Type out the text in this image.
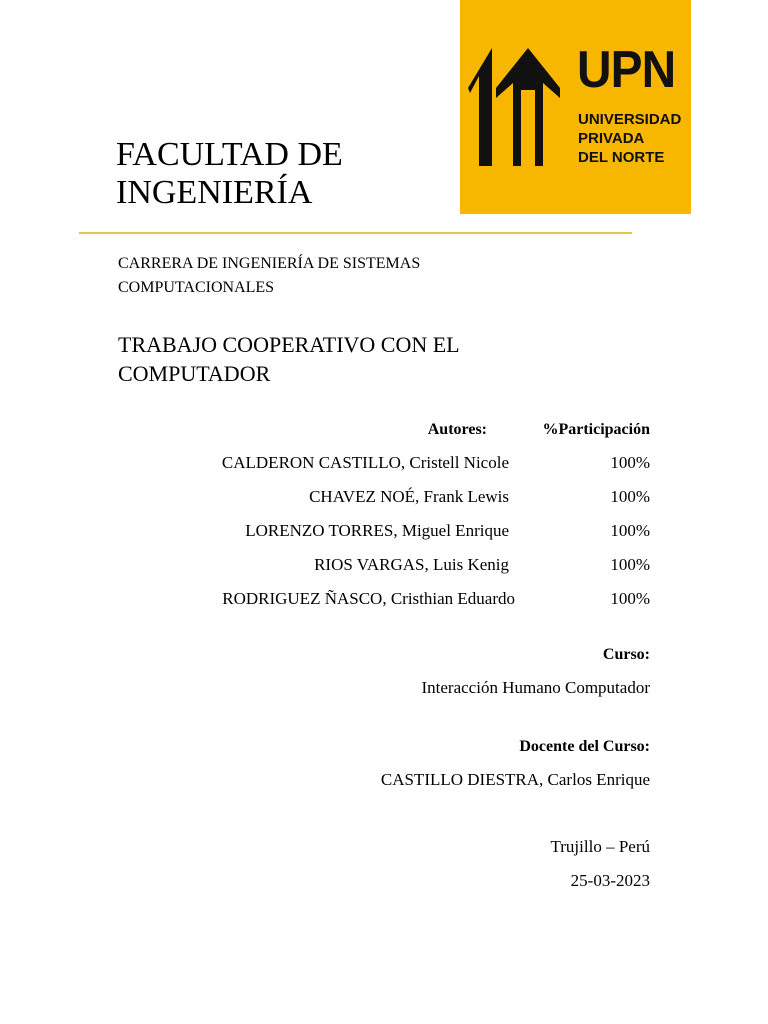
UPN
UNIVERSIDAD
PRIVADA
DEL NORTE
FACULTAD DE
INGENIERÍA
CARRERA DE INGENIERÍA DE SISTEMAS COMPUTACIONALES
TRABAJO COOPERATIVO CON EL COMPUTADOR
Autores:	%Participación
CALDERON CASTILLO, Cristell Nicole	100%
CHAVEZ NOÉ, Frank Lewis	100%
LORENZO TORRES, Miguel Enrique	100%
RIOS VARGAS, Luis Kenig	100%
RODRIGUEZ ÑASCO, Cristhian Eduardo	100%
Curso:
Interacción Humano Computador
Docente del Curso:
CASTILLO DIESTRA, Carlos Enrique
Trujillo – Perú
25-03-2023
